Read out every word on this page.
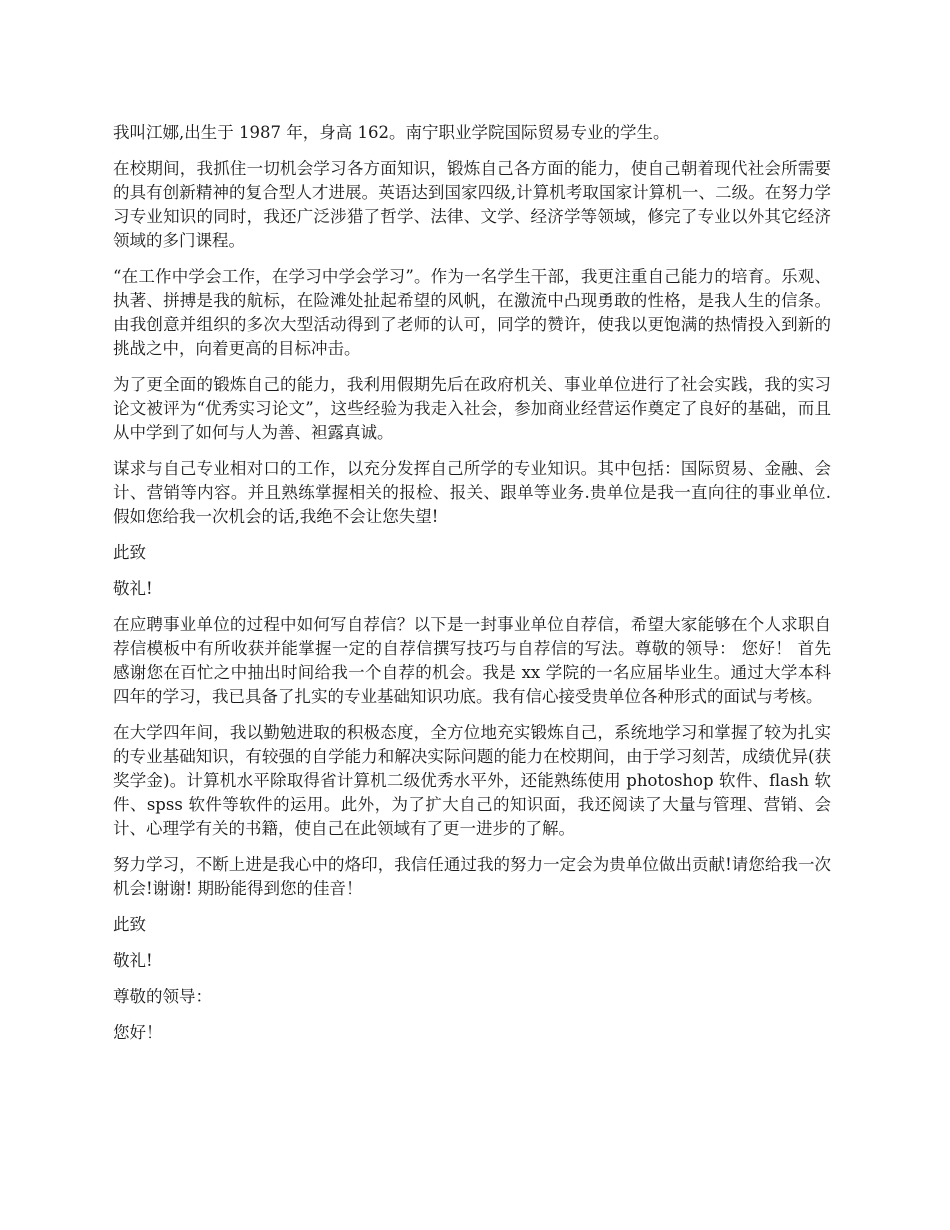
我叫江娜,出生于 1987 年，身高 162。南宁职业学院国际贸易专业的学生。

在校期间，我抓住一切机会学习各方面知识，锻炼自己各方面的能力，使自己朝着现代社会所需要的具有创新精神的复合型人才进展。英语达到国家四级,计算机考取国家计算机一、二级。在努力学习专业知识的同时，我还广泛涉猎了哲学、法律、文学、经济学等领域，修完了专业以外其它经济领域的多门课程。

“在工作中学会工作，在学习中学会学习”。作为一名学生干部，我更注重自己能力的培育。乐观、执著、拼搏是我的航标，在险滩处扯起希望的风帆，在激流中凸现勇敢的性格，是我人生的信条。由我创意并组织的多次大型活动得到了老师的认可，同学的赞许，使我以更饱满的热情投入到新的挑战之中，向着更高的目标冲击。

为了更全面的锻炼自己的能力，我利用假期先后在政府机关、事业单位进行了社会实践，我的实习论文被评为“优秀实习论文”，这些经验为我走入社会，参加商业经营运作奠定了良好的基础，而且从中学到了如何与人为善、袒露真诚。

谋求与自己专业相对口的工作，以充分发挥自己所学的专业知识。其中包括：国际贸易、金融、会计、营销等内容。并且熟练掌握相关的报检、报关、跟单等业务.贵单位是我一直向往的事业单位.假如您给我一次机会的话,我绝不会让您失望!

此致

敬礼!

在应聘事业单位的过程中如何写自荐信？以下是一封事业单位自荐信，希望大家能够在个人求职自荐信模板中有所收获并能掌握一定的自荐信撰写技巧与自荐信的写法。尊敬的领导： 您好！ 首先感谢您在百忙之中抽出时间给我一个自荐的机会。我是 xx 学院的一名应届毕业生。通过大学本科四年的学习，我已具备了扎实的专业基础知识功底。我有信心接受贵单位各种形式的面试与考核。

在大学四年间，我以勤勉进取的积极态度，全方位地充实锻炼自己，系统地学习和掌握了较为扎实的专业基础知识，有较强的自学能力和解决实际问题的能力在校期间，由于学习刻苦，成绩优异(获奖学金)。计算机水平除取得省计算机二级优秀水平外，还能熟练使用 photoshop 软件、flash 软件、spss 软件等软件的运用。此外，为了扩大自己的知识面，我还阅读了大量与管理、营销、会计、心理学有关的书籍，使自己在此领域有了更一进步的了解。

努力学习，不断上进是我心中的烙印，我信任通过我的努力一定会为贵单位做出贡献!请您给我一次机会!谢谢! 期盼能得到您的佳音！

此致

敬礼!

尊敬的领导：

您好！
